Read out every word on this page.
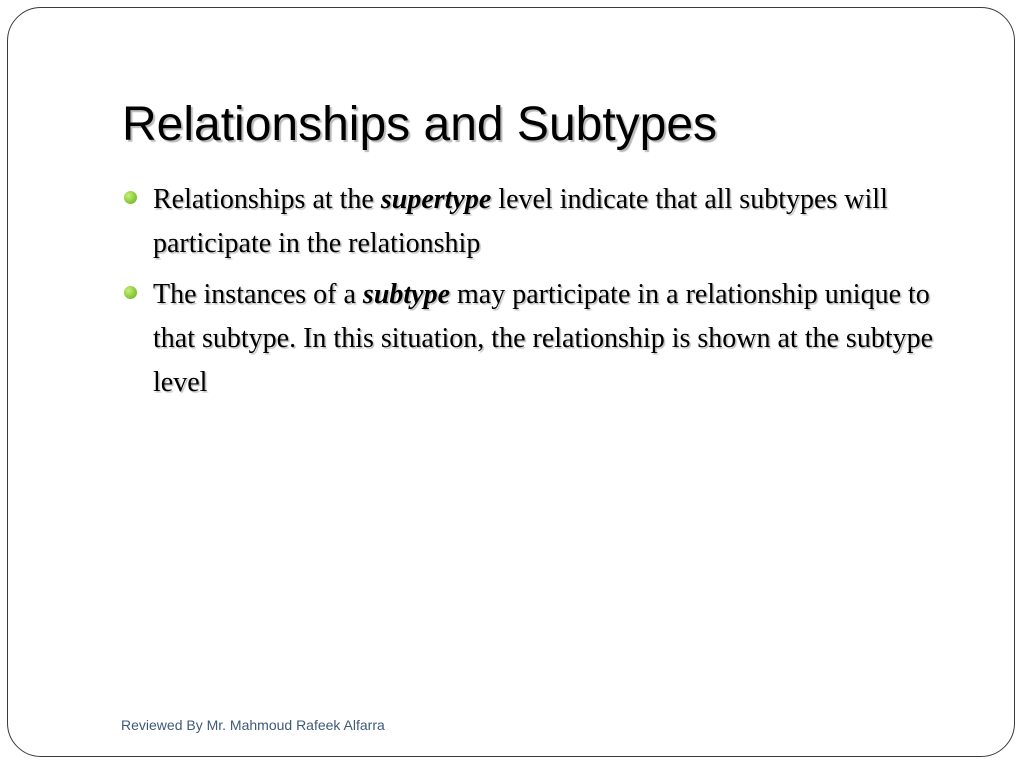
Relationships and Subtypes
Relationships at the supertype level indicate that all subtypes will participate in the relationship
The instances of a subtype may participate in a relationship unique to that subtype. In this situation, the relationship is shown at the subtype level
Reviewed By Mr. Mahmoud Rafeek Alfarra
